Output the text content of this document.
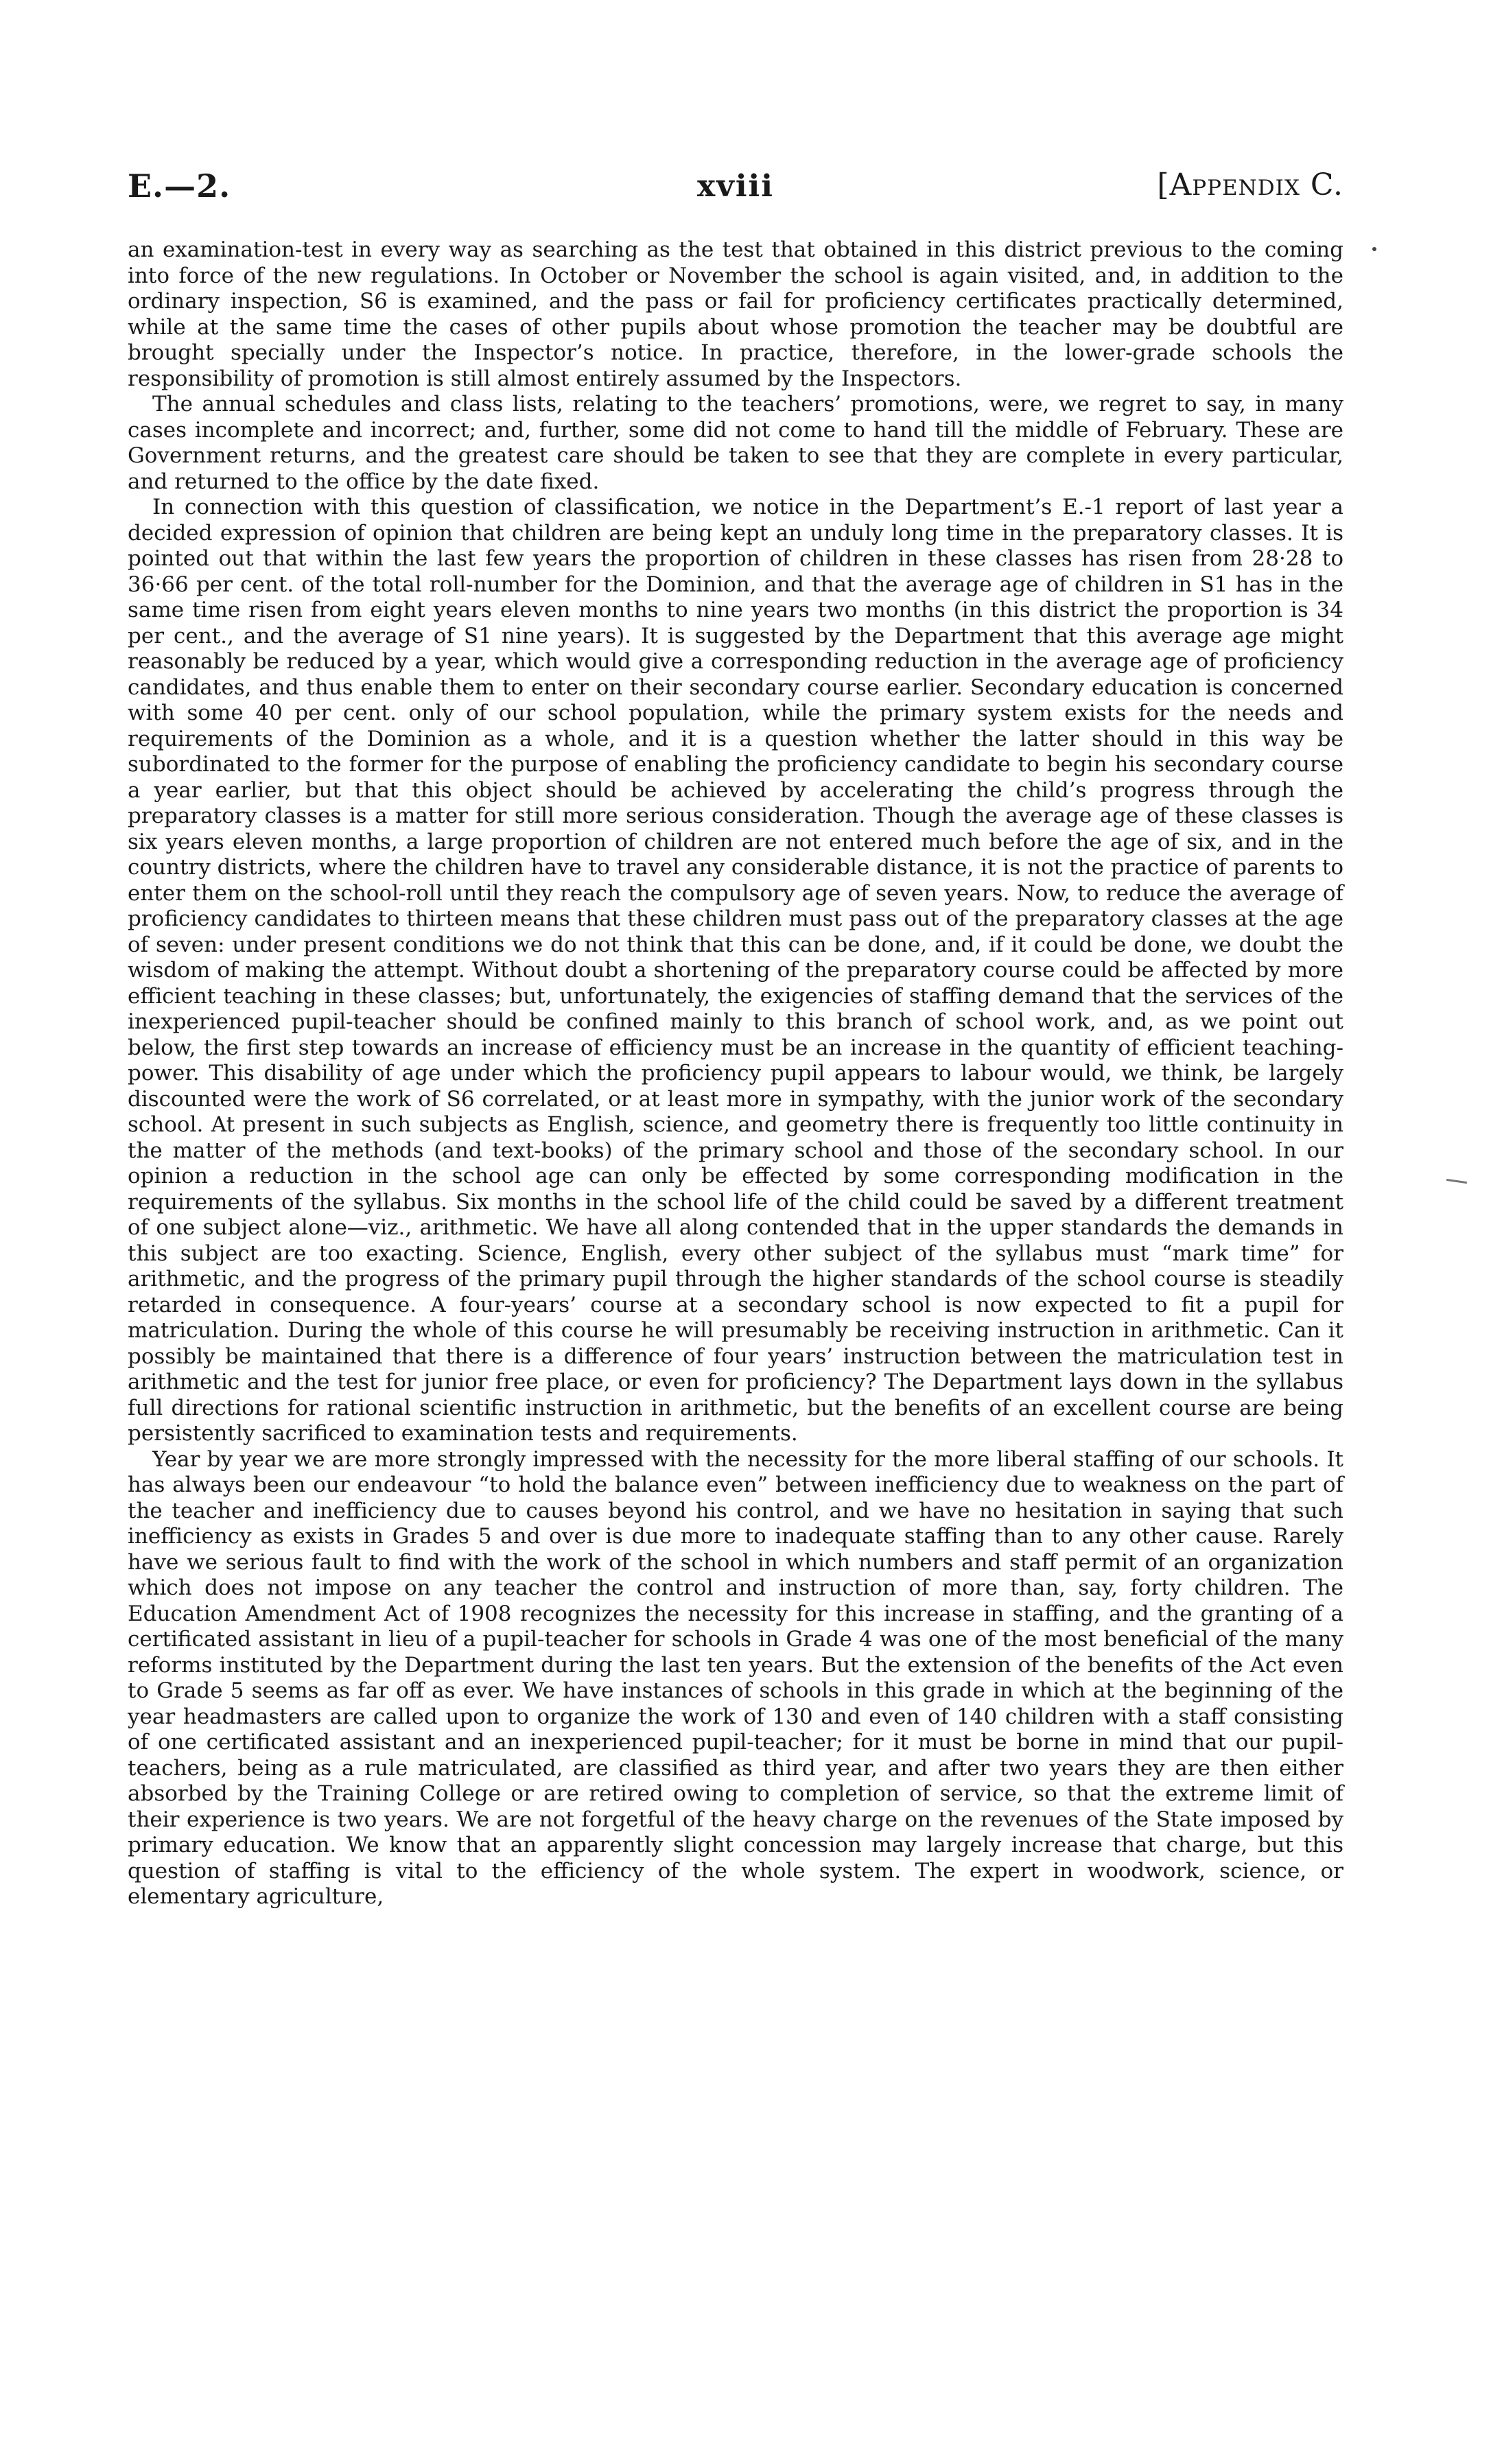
E.—2.	xviii	[Appendix C.

an examination-test in every way as searching as the test that obtained in this district previous to the coming into force of the new regulations. In October or November the school is again visited, and, in addition to the ordinary inspection, S6 is examined, and the pass or fail for proficiency certificates practically determined, while at the same time the cases of other pupils about whose promotion the teacher may be doubtful are brought specially under the Inspector’s notice. In practice, therefore, in the lower-grade schools the responsibility of promotion is still almost entirely assumed by the Inspectors.

The annual schedules and class lists, relating to the teachers’ promotions, were, we regret to say, in many cases incomplete and incorrect; and, further, some did not come to hand till the middle of February. These are Government returns, and the greatest care should be taken to see that they are complete in every particular, and returned to the office by the date fixed.

In connection with this question of classification, we notice in the Department’s E.-1 report of last year a decided expression of opinion that children are being kept an unduly long time in the preparatory classes. It is pointed out that within the last few years the proportion of children in these classes has risen from 28·28 to 36·66 per cent. of the total roll-number for the Dominion, and that the average age of children in S1 has in the same time risen from eight years eleven months to nine years two months (in this district the proportion is 34 per cent., and the average of S1 nine years). It is suggested by the Department that this average age might reasonably be reduced by a year, which would give a corresponding reduction in the average age of proficiency candidates, and thus enable them to enter on their secondary course earlier. Secondary education is concerned with some 40 per cent. only of our school population, while the primary system exists for the needs and requirements of the Dominion as a whole, and it is a question whether the latter should in this way be subordinated to the former for the purpose of enabling the proficiency candidate to begin his secondary course a year earlier, but that this object should be achieved by accelerating the child’s progress through the preparatory classes is a matter for still more serious consideration. Though the average age of these classes is six years eleven months, a large proportion of children are not entered much before the age of six, and in the country districts, where the children have to travel any considerable distance, it is not the practice of parents to enter them on the school-roll until they reach the compulsory age of seven years. Now, to reduce the average of proficiency candidates to thirteen means that these children must pass out of the preparatory classes at the age of seven: under present conditions we do not think that this can be done, and, if it could be done, we doubt the wisdom of making the attempt. Without doubt a shortening of the preparatory course could be affected by more efficient teaching in these classes; but, unfortunately, the exigencies of staffing demand that the services of the inexperienced pupil-teacher should be confined mainly to this branch of school work, and, as we point out below, the first step towards an increase of efficiency must be an increase in the quantity of efficient teaching-power. This disability of age under which the proficiency pupil appears to labour would, we think, be largely discounted were the work of S6 correlated, or at least more in sympathy, with the junior work of the secondary school. At present in such subjects as English, science, and geometry there is frequently too little continuity in the matter of the methods (and text-books) of the primary school and those of the secondary school. In our opinion a reduction in the school age can only be effected by some corresponding modification in the requirements of the syllabus. Six months in the school life of the child could be saved by a different treatment of one subject alone—viz., arithmetic. We have all along contended that in the upper standards the demands in this subject are too exacting. Science, English, every other subject of the syllabus must “mark time” for arithmetic, and the progress of the primary pupil through the higher standards of the school course is steadily retarded in consequence. A four-years’ course at a secondary school is now expected to fit a pupil for matriculation. During the whole of this course he will presumably be receiving instruction in arithmetic. Can it possibly be maintained that there is a difference of four years’ instruction between the matriculation test in arithmetic and the test for junior free place, or even for proficiency? The Department lays down in the syllabus full directions for rational scientific instruction in arithmetic, but the benefits of an excellent course are being persistently sacrificed to examination tests and requirements.

Year by year we are more strongly impressed with the necessity for the more liberal staffing of our schools. It has always been our endeavour “to hold the balance even” between inefficiency due to weakness on the part of the teacher and inefficiency due to causes beyond his control, and we have no hesitation in saying that such inefficiency as exists in Grades 5 and over is due more to inadequate staffing than to any other cause. Rarely have we serious fault to find with the work of the school in which numbers and staff permit of an organization which does not impose on any teacher the control and instruction of more than, say, forty children. The Education Amendment Act of 1908 recognizes the necessity for this increase in staffing, and the granting of a certificated assistant in lieu of a pupil-teacher for schools in Grade 4 was one of the most beneficial of the many reforms instituted by the Department during the last ten years. But the extension of the benefits of the Act even to Grade 5 seems as far off as ever. We have instances of schools in this grade in which at the beginning of the year headmasters are called upon to organize the work of 130 and even of 140 children with a staff consisting of one certificated assistant and an inexperienced pupil-teacher; for it must be borne in mind that our pupil-teachers, being as a rule matriculated, are classified as third year, and after two years they are then either absorbed by the Training College or are retired owing to completion of service, so that the extreme limit of their experience is two years. We are not forgetful of the heavy charge on the revenues of the State imposed by primary education. We know that an apparently slight concession may largely increase that charge, but this question of staffing is vital to the efficiency of the whole system. The expert in woodwork, science, or elementary agriculture,
